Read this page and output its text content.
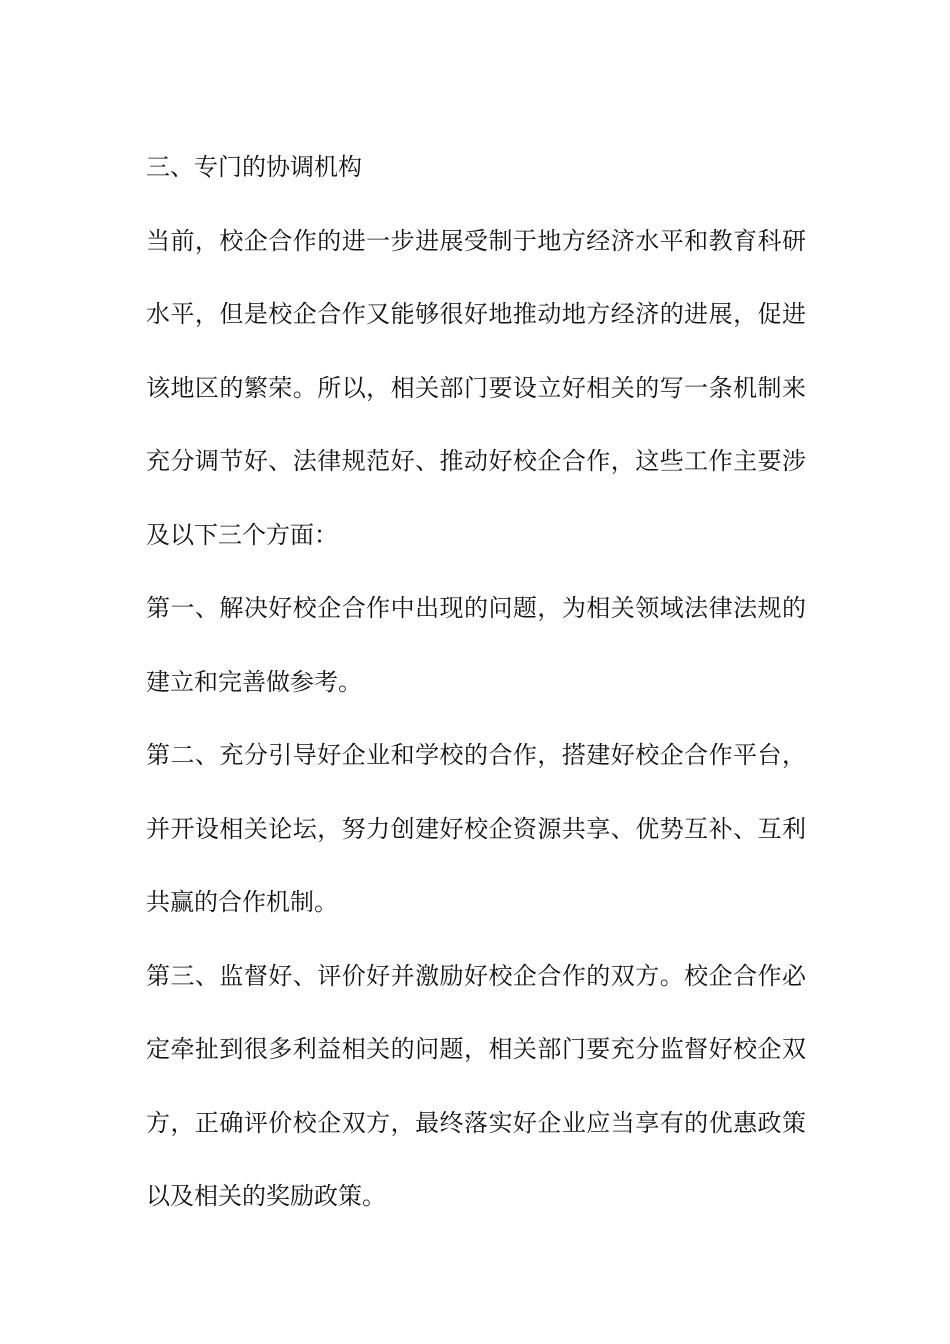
三、专门的协调机构
当前，校企合作的进一步进展受制于地方经济水平和教育科研
水平，但是校企合作又能够很好地推动地方经济的进展，促进
该地区的繁荣。所以，相关部门要设立好相关的写一条机制来
充分调节好、法律规范好、推动好校企合作，这些工作主要涉
及以下三个方面：
第一、解决好校企合作中出现的问题，为相关领域法律法规的
建立和完善做参考。
第二、充分引导好企业和学校的合作，搭建好校企合作平台，
并开设相关论坛，努力创建好校企资源共享、优势互补、互利
共赢的合作机制。
第三、监督好、评价好并激励好校企合作的双方。校企合作必
定牵扯到很多利益相关的问题，相关部门要充分监督好校企双
方，正确评价校企双方，最终落实好企业应当享有的优惠政策
以及相关的奖励政策。
